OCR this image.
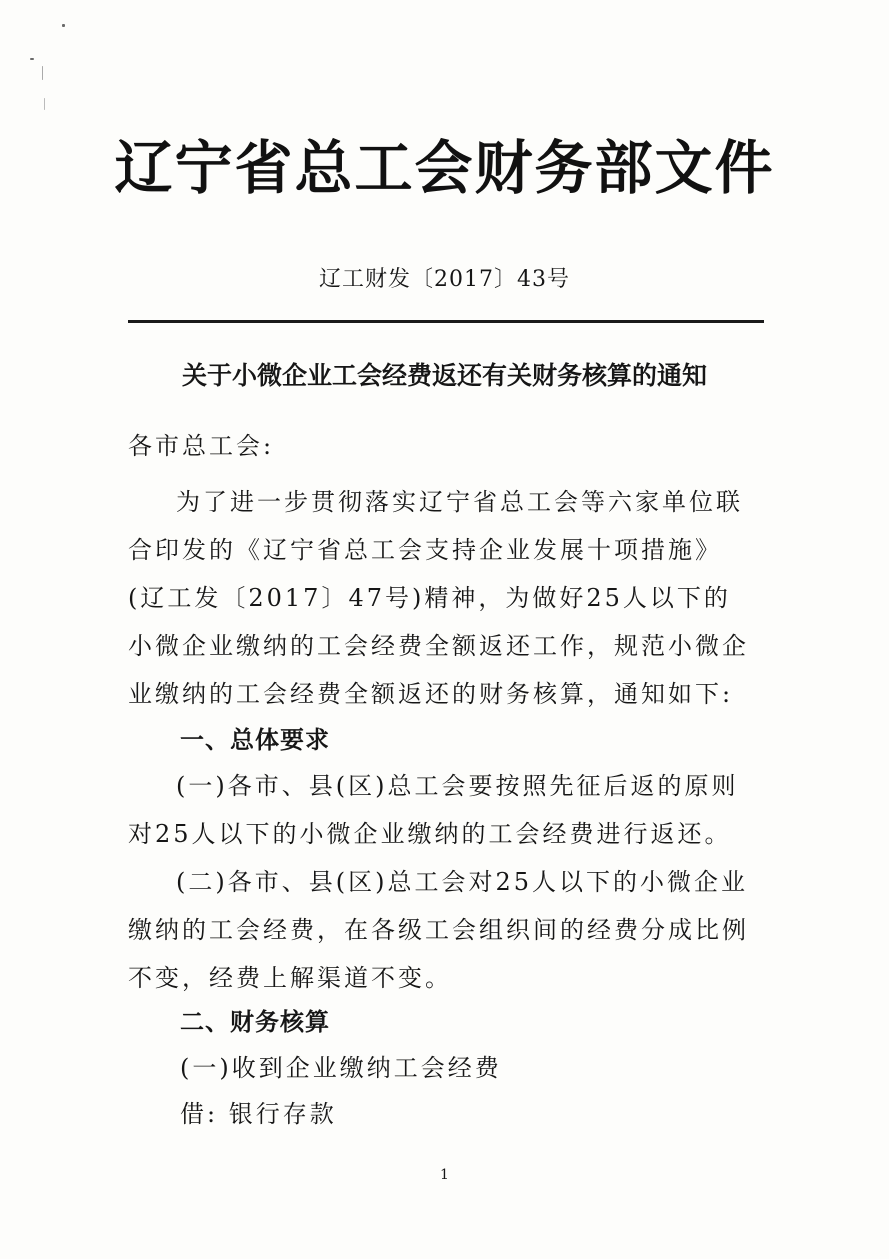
辽宁省总工会财务部文件
辽工财发〔2017〕43号
关于小微企业工会经费返还有关财务核算的通知
各市总工会:
为了进一步贯彻落实辽宁省总工会等六家单位联合印发的《辽宁省总工会支持企业发展十项措施》(辽工发〔2017〕47号)精神，为做好25人以下的小微企业缴纳的工会经费全额返还工作，规范小微企业缴纳的工会经费全额返还的财务核算，通知如下:
一、总体要求
(一)各市、县(区)总工会要按照先征后返的原则对25人以下的小微企业缴纳的工会经费进行返还。
(二)各市、县(区)总工会对25人以下的小微企业缴纳的工会经费，在各级工会组织间的经费分成比例不变，经费上解渠道不变。
二、财务核算
(一)收到企业缴纳工会经费
借: 银行存款
1
